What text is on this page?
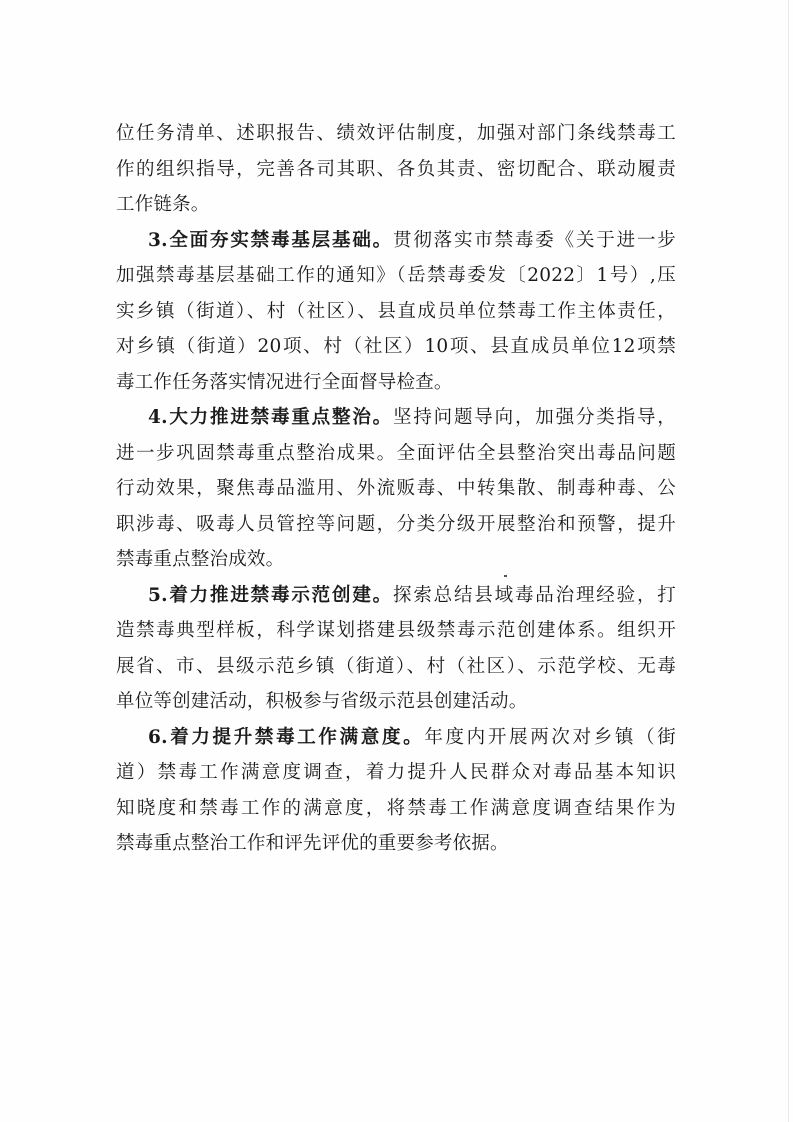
位任务清单、述职报告、绩效评估制度，加强对部门条线禁毒工
作的组织指导，完善各司其职、各负其责、密切配合、联动履责
工作链条。
3.全面夯实禁毒基层基础。贯彻落实市禁毒委《关于进一步
加强禁毒基层基础工作的通知》（岳禁毒委发〔2022〕1号）,压
实乡镇（街道）、村（社区）、县直成员单位禁毒工作主体责任，
对乡镇（街道）20项、村（社区）10项、县直成员单位12项禁
毒工作任务落实情况进行全面督导检查。
4.大力推进禁毒重点整治。坚持问题导向，加强分类指导，
进一步巩固禁毒重点整治成果。全面评估全县整治突出毒品问题
行动效果，聚焦毒品滥用、外流贩毒、中转集散、制毒种毒、公
职涉毒、吸毒人员管控等问题，分类分级开展整治和预警，提升
禁毒重点整治成效。
5.着力推进禁毒示范创建。探索总结县域毒品治理经验，打
造禁毒典型样板，科学谋划搭建县级禁毒示范创建体系。组织开
展省、市、县级示范乡镇（街道）、村（社区）、示范学校、无毒
单位等创建活动，积极参与省级示范县创建活动。
6.着力提升禁毒工作满意度。年度内开展两次对乡镇（街
道）禁毒工作满意度调查，着力提升人民群众对毒品基本知识
知晓度和禁毒工作的满意度，将禁毒工作满意度调查结果作为
禁毒重点整治工作和评先评优的重要参考依据。
